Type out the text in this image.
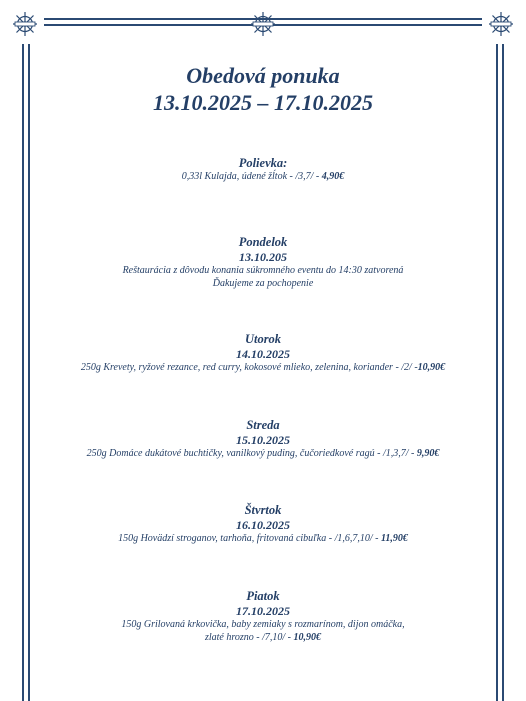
Obedová ponuka
13.10.2025 – 17.10.2025
Polievka:
0,33l Kulajda, údené žĺtok - /3,7/ - 4,90€
Pondelok
13.10.205
Reštaurácia z dôvodu konania súkromného eventu do 14:30 zatvorená
Ďakujeme za pochopenie
Utorok
14.10.2025
250g Krevety, ryžové rezance, red curry, kokosové mlieko, zelenina, koriander - /2/ -10,90€
Streda
15.10.2025
250g Domáce dukátové buchtičky, vanilkový puding, čučoriedkové ragú - /1,3,7/ - 9,90€
Štvrtok
16.10.2025
150g Hovädzí stroganov, tarhoňa, fritovaná cibuľka - /1,6,7,10/ - 11,90€
Piatok
17.10.2025
150g Grilovaná krkovička, baby zemiaky s rozmarínom, dijon omáčka,
zlaté hrozno - /7,10/ - 10,90€
